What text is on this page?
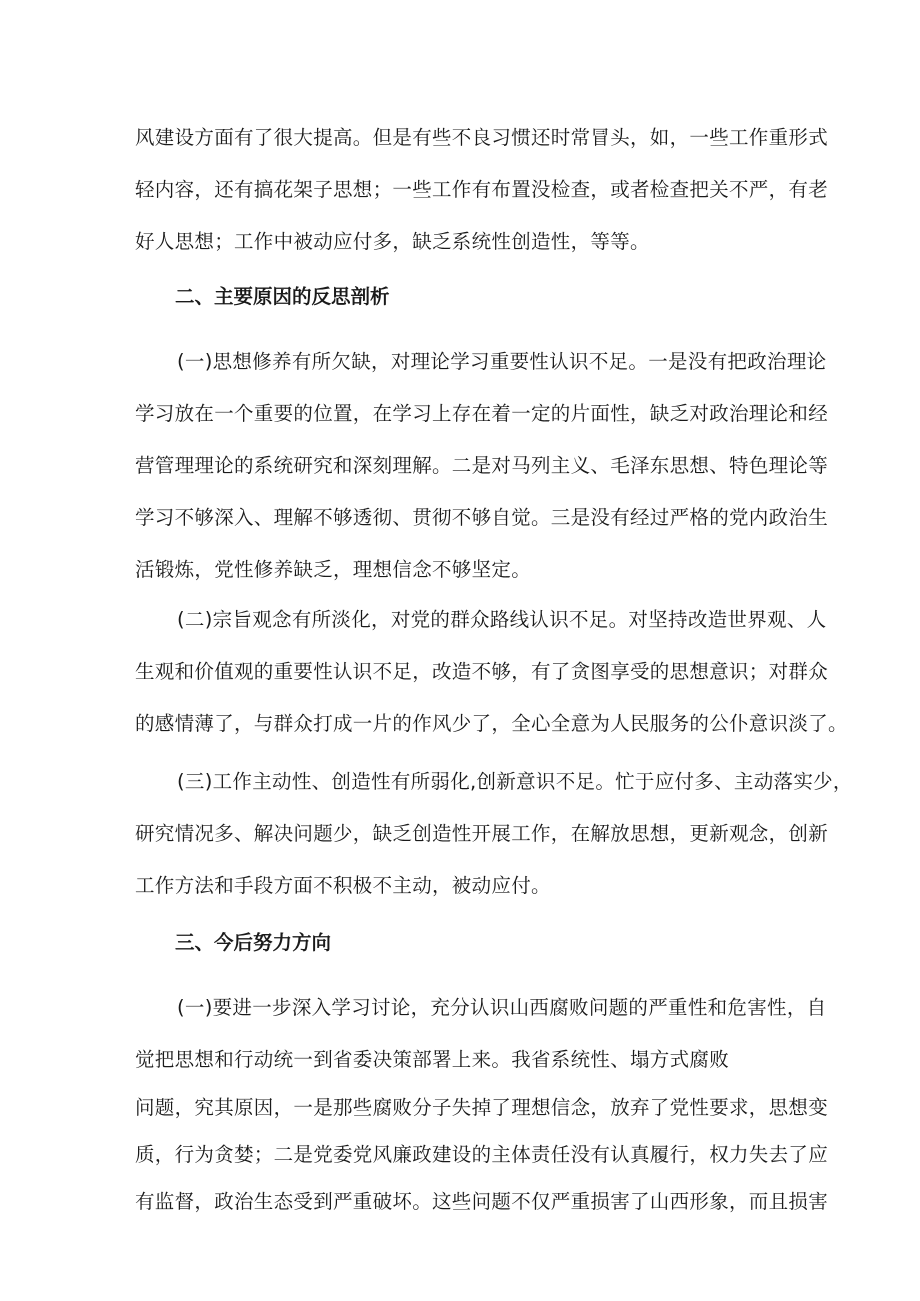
风建设方面有了很大提高。但是有些不良习惯还时常冒头，如，一些工作重形式
轻内容，还有搞花架子思想；一些工作有布置没检查，或者检查把关不严，有老
好人思想；工作中被动应付多，缺乏系统性创造性，等等。
二、主要原因的反思剖析
(一)思想修养有所欠缺，对理论学习重要性认识不足。一是没有把政治理论
学习放在一个重要的位置，在学习上存在着一定的片面性，缺乏对政治理论和经
营管理理论的系统研究和深刻理解。二是对马列主义、毛泽东思想、特色理论等
学习不够深入、理解不够透彻、贯彻不够自觉。三是没有经过严格的党内政治生
活锻炼，党性修养缺乏，理想信念不够坚定。
(二)宗旨观念有所淡化，对党的群众路线认识不足。对坚持改造世界观、人
生观和价值观的重要性认识不足，改造不够，有了贪图享受的思想意识；对群众
的感情薄了，与群众打成一片的作风少了，全心全意为人民服务的公仆意识淡了。
(三)工作主动性、创造性有所弱化,创新意识不足。忙于应付多、主动落实少，
研究情况多、解决问题少，缺乏创造性开展工作，在解放思想，更新观念，创新
工作方法和手段方面不积极不主动，被动应付。
三、今后努力方向
(一)要进一步深入学习讨论，充分认识山西腐败问题的严重性和危害性，自
觉把思想和行动统一到省委决策部署上来。我省系统性、塌方式腐败
问题，究其原因，一是那些腐败分子失掉了理想信念，放弃了党性要求，思想变
质，行为贪婪；二是党委党风廉政建设的主体责任没有认真履行，权力失去了应
有监督，政治生态受到严重破坏。这些问题不仅严重损害了山西形象，而且损害
